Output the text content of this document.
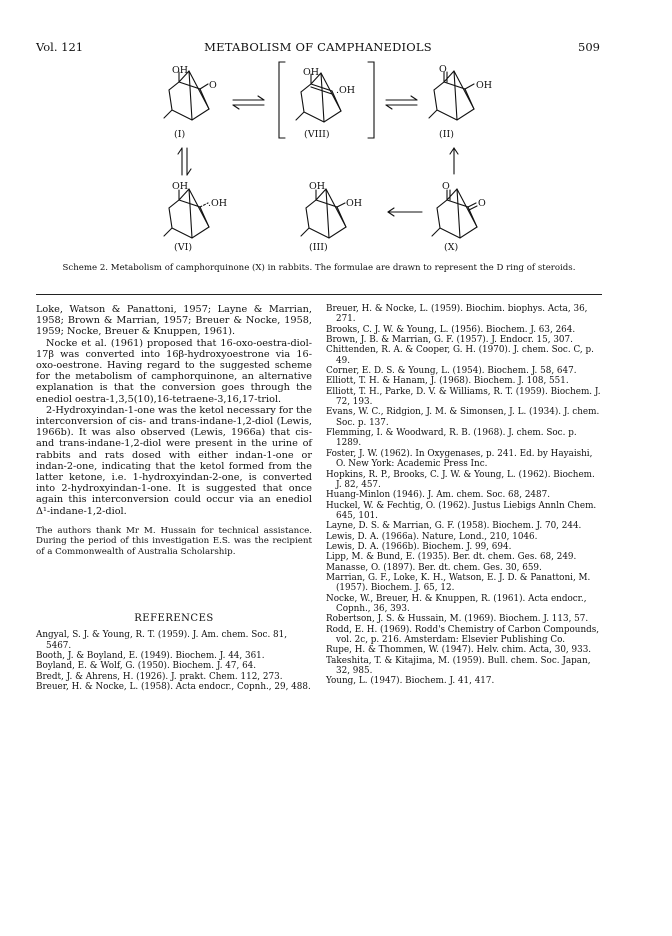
Vol. 121	METABOLISM OF CAMPHANEDIOLS	509
OH
O
(I)
OH
.OH
(VIII)
O
OH
(II)
OH
.OH
(VI)
OH
OH
(III)
O
O
(X)
Scheme 2. Metabolism of camphorquinone (X) in rabbits. The formulae are drawn to represent the D ring of steroids.

Loke, Watson & Panattoni, 1957; Layne & Marrian, 1958; Brown & Marrian, 1957; Breuer & Nocke, 1958, 1959; Nocke, Breuer & Knuppen, 1961).

Nocke et al. (1961) proposed that 16-oxo-oestra-diol-17β was converted into 16β-hydroxyoestrone via 16-oxo-oestrone. Having regard to the suggested scheme for the metabolism of camphorquinone, an alternative explanation is that the conversion goes through the enediol oestra-1,3,5(10),16-tetraene-3,16,17-triol.

2-Hydroxyindan-1-one was the ketol necessary for the interconversion of cis- and trans-indane-1,2-diol (Lewis, 1966b). It was also observed (Lewis, 1966a) that cis- and trans-indane-1,2-diol were present in the urine of rabbits and rats dosed with either indan-1-one or indan-2-one, indicating that the ketol formed from the latter ketone, i.e. 1-hydroxyindan-2-one, is converted into 2-hydroxyindan-1-one. It is suggested that once again this interconversion could occur via an enediol Δ¹-indane-1,2-diol.

The authors thank Mr M. Hussain for technical assistance. During the period of this investigation E.S. was the recipient of a Commonwealth of Australia Scholarship.

REFERENCES
Angyal, S. J. & Young, R. T. (1959). J. Am. chem. Soc. 81, 5467.
Booth, J. & Boyland, E. (1949). Biochem. J. 44, 361.
Boyland, E. & Wolf, G. (1950). Biochem. J. 47, 64.
Bredt, J. & Ahrens, H. (1926). J. prakt. Chem. 112, 273.
Breuer, H. & Nocke, L. (1958). Acta endocr., Copnh., 29, 488.
Breuer, H. & Nocke, L. (1959). Biochim. biophys. Acta, 36, 271.
Brooks, C. J. W. & Young, L. (1956). Biochem. J. 63, 264.
Brown, J. B. & Marrian, G. F. (1957). J. Endocr. 15, 307.
Chittenden, R. A. & Cooper, G. H. (1970). J. chem. Soc. C, p. 49.
Corner, E. D. S. & Young, L. (1954). Biochem. J. 58, 647.
Elliott, T. H. & Hanam, J. (1968). Biochem. J. 108, 551.
Elliott, T. H., Parke, D. V. & Williams, R. T. (1959). Biochem. J. 72, 193.
Evans, W. C., Ridgion, J. M. & Simonsen, J. L. (1934). J. chem. Soc. p. 137.
Flemming, I. & Woodward, R. B. (1968). J. chem. Soc. p. 1289.
Foster, J. W. (1962). In Oxygenases, p. 241. Ed. by Hayaishi, O. New York: Academic Press Inc.
Hopkins, R. P., Brooks, C. J. W. & Young, L. (1962). Biochem. J. 82, 457.
Huang-Minlon (1946). J. Am. chem. Soc. 68, 2487.
Huckel, W. & Fechtig, O. (1962). Justus Liebigs Annln Chem. 645, 101.
Layne, D. S. & Marrian, G. F. (1958). Biochem. J. 70, 244.
Lewis, D. A. (1966a). Nature, Lond., 210, 1046.
Lewis, D. A. (1966b). Biochem. J. 99, 694.
Lipp, M. & Bund, E. (1935). Ber. dt. chem. Ges. 68, 249.
Manasse, O. (1897). Ber. dt. chem. Ges. 30, 659.
Marrian, G. F., Loke, K. H., Watson, E. J. D. & Panattoni, M. (1957). Biochem. J. 65, 12.
Nocke, W., Breuer, H. & Knuppen, R. (1961). Acta endocr., Copnh., 36, 393.
Robertson, J. S. & Hussain, M. (1969). Biochem. J. 113, 57.
Rodd, E. H. (1969). Rodd's Chemistry of Carbon Compounds, vol. 2c, p. 216. Amsterdam: Elsevier Publishing Co.
Rupe, H. & Thommen, W. (1947). Helv. chim. Acta, 30, 933.
Takeshita, T. & Kitajima, M. (1959). Bull. chem. Soc. Japan, 32, 985.
Young, L. (1947). Biochem. J. 41, 417.
